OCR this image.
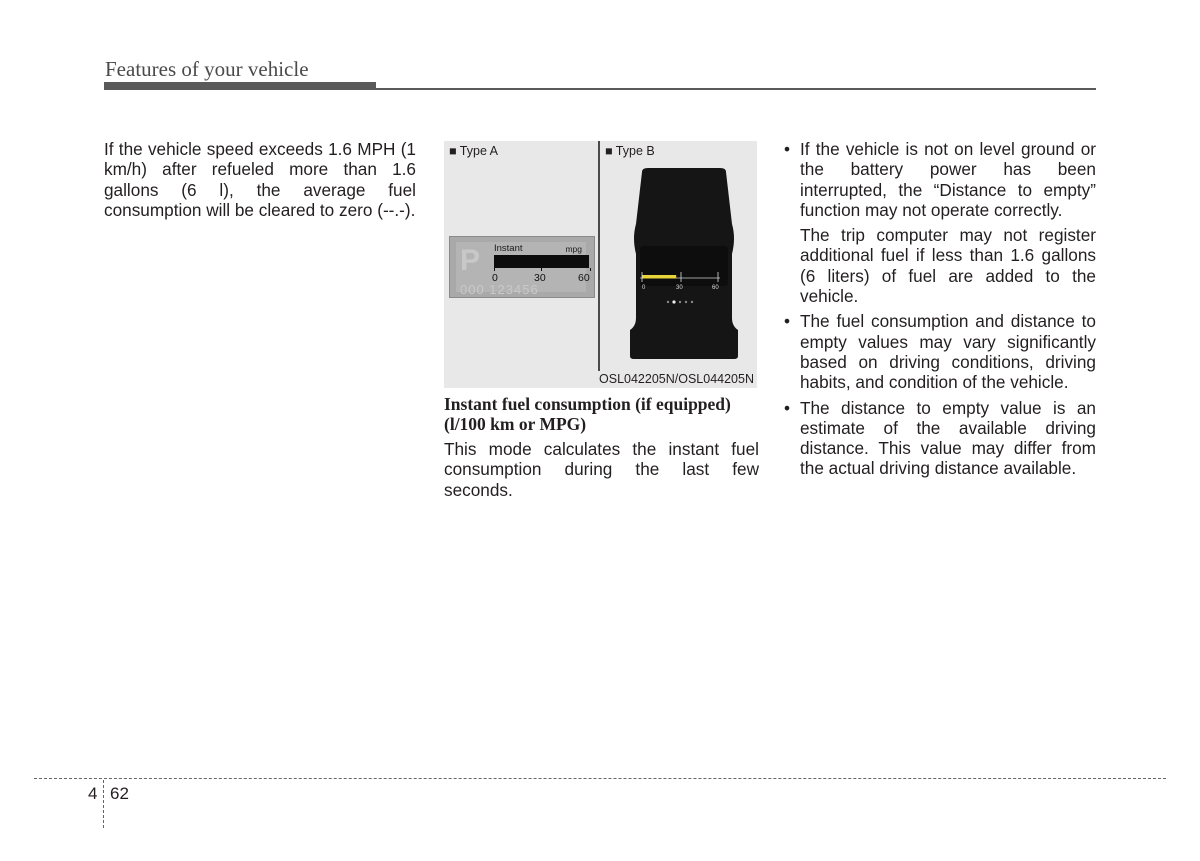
Features of your vehicle
If the vehicle speed exceeds 1.6 MPH (1 km/h) after refueled more than 1.6 gallons (6 l), the average fuel consumption will be cleared to zero (--.-).
■ Type A	■ Type B
P Instant	mpg
0	30	60
000 123456	0	30	60
OSL042205N/OSL044205N
Instant fuel consumption (if equipped) (l/100 km or MPG)
This mode calculates the instant fuel consumption during the last few seconds.
• If the vehicle is not on level ground or the battery power has been interrupted, the “Distance to empty” function may not operate correctly.
The trip computer may not register additional fuel if less than 1.6 gallons (6 liters) of fuel are added to the vehicle.
• The fuel consumption and distance to empty values may vary significantly based on driving conditions, driving habits, and condition of the vehicle.
• The distance to empty value is an estimate of the available driving distance. This value may differ from the actual driving distance available.
4 62
